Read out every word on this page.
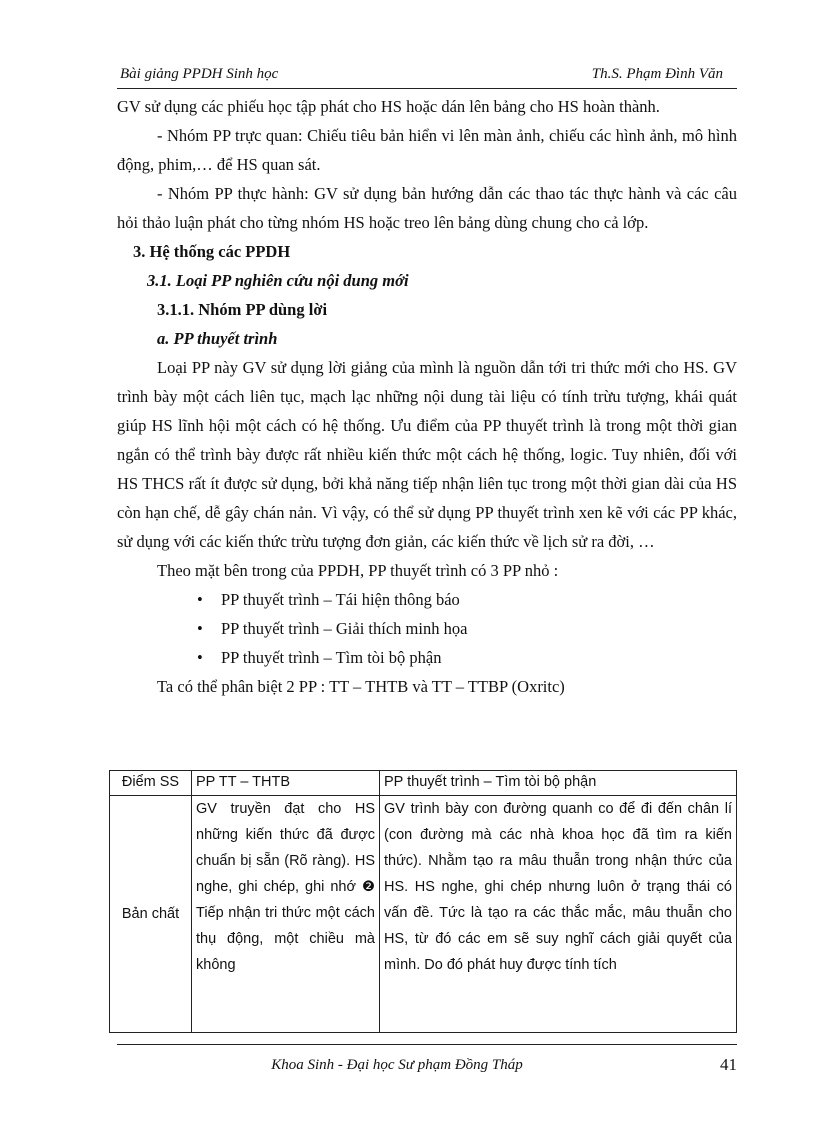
Bài giảng PPDH Sinh học	Th.S. Phạm Đình Văn

GV sử dụng các phiếu học tập phát cho HS hoặc dán lên bảng cho HS hoàn thành.

- Nhóm PP trực quan: Chiếu tiêu bản hiển vi lên màn ảnh, chiếu các hình ảnh, mô hình động, phim,… để HS quan sát.

- Nhóm PP thực hành: GV sử dụng bản hướng dẫn các thao tác thực hành và các câu hỏi thảo luận phát cho từng nhóm HS hoặc treo lên bảng dùng chung cho cả lớp.

3. Hệ thống các PPDH

3.1. Loại PP nghiên cứu nội dung mới

3.1.1. Nhóm PP dùng lời

a. PP thuyết trình

Loại PP này GV sử dụng lời giảng của mình là nguồn dẫn tới tri thức mới cho HS. GV trình bày một cách liên tục, mạch lạc những nội dung tài liệu có tính trừu tượng, khái quát giúp HS lĩnh hội một cách có hệ thống. Ưu điểm của PP thuyết trình là trong một thời gian ngắn có thể trình bày được rất nhiều kiến thức một cách hệ thống, logic. Tuy nhiên, đối với HS THCS rất ít được sử dụng, bởi khả năng tiếp nhận liên tục trong một thời gian dài của HS còn hạn chế, dễ gây chán nản. Vì vậy, có thể sử dụng PP thuyết trình xen kẽ với các PP khác, sử dụng với các kiến thức trừu tượng đơn giản, các kiến thức về lịch sử ra đời, …

Theo mặt bên trong của PPDH, PP thuyết trình có 3 PP nhỏ :

• PP thuyết trình – Tái hiện thông báo
• PP thuyết trình – Giải thích minh họa
• PP thuyết trình – Tìm tòi bộ phận

Ta có thể phân biệt 2 PP : TT – THTB và TT – TTBP (Oxritc)

Điểm SS	PP TT – THTB	PP thuyết trình – Tìm tòi bộ phận
Bản chất	GV truyền đạt cho HS những kiến thức đã được chuẩn bị sẵn (Rõ ràng). HS nghe, ghi chép, ghi nhớ ❷ Tiếp nhận tri thức một cách thụ động, một chiều mà không	GV trình bày con đường quanh co để đi đến chân lí (con đường mà các nhà khoa học đã tìm ra kiến thức). Nhằm tạo ra mâu thuẫn trong nhận thức của HS. HS nghe, ghi chép nhưng luôn ở trạng thái có vấn đề. Tức là tạo ra các thắc mắc, mâu thuẫn cho HS, từ đó các em sẽ suy nghĩ cách giải quyết của mình. Do đó phát huy được tính tích
Khoa Sinh - Đại học Sư phạm Đồng Tháp	41
